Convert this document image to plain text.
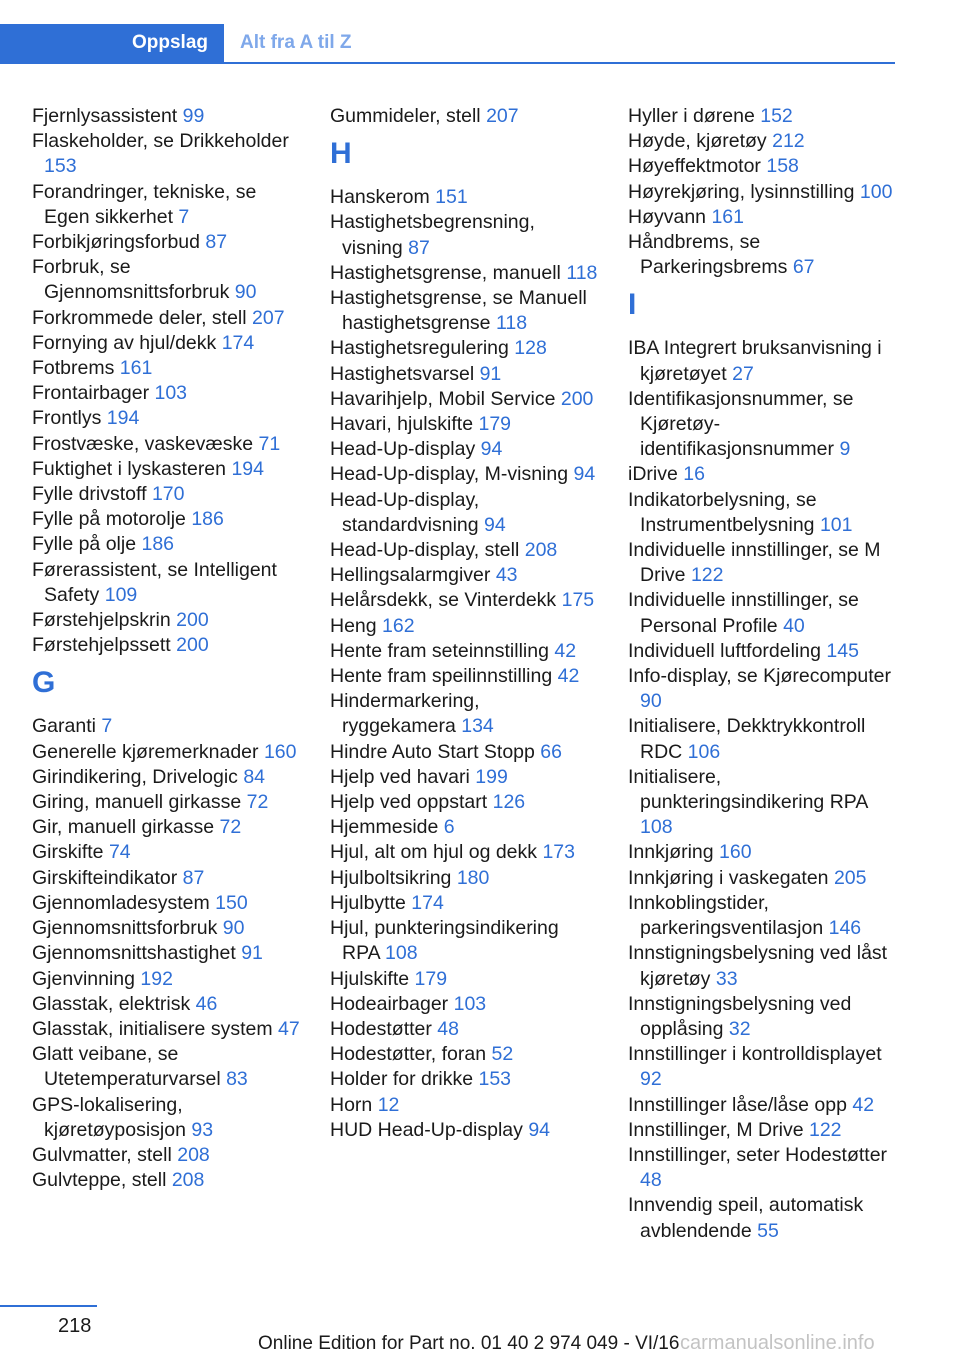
Oppslag	Alt fra A til Z
Fjernlysassistent 99
Flaskeholder, se Drikkeholder 153
Forandringer, tekniske, se Egen sikkerhet 7
Forbikjøringsforbud 87
Forbruk, se Gjennomsnittsforbruk 90
Forkrommede deler, stell 207
Fornying av hjul/dekk 174
Fotbrems 161
Frontairbager 103
Frontlys 194
Frostvæske, vaskevæske 71
Fuktighet i lyskasteren 194
Fylle drivstoff 170
Fylle på motorolje 186
Fylle på olje 186
Førerassistent, se Intelligent Safety 109
Førstehjelpskrin 200
Førstehjelpssett 200
G
Garanti 7
Generelle kjøremerknader 160
Girindikering, Drivelogic 84
Giring, manuell girkasse 72
Gir, manuell girkasse 72
Girskifte 74
Girskifteindikator 87
Gjennomladesystem 150
Gjennomsnittsforbruk 90
Gjennomsnittshastighet 91
Gjenvinning 192
Glasstak, elektrisk 46
Glasstak, initialisere system 47
Glatt veibane, se Utetemperaturvarsel 83
GPS-lokalisering, kjøretøyposisjon 93
Gulvmatter, stell 208
Gulvteppe, stell 208
Gummideler, stell 207
H
Hanskerom 151
Hastighetsbegrensning, visning 87
Hastighetsgrense, manuell 118
Hastighetsgrense, se Manuell hastighetsgrense 118
Hastighetsregulering 128
Hastighetsvarsel 91
Havarihjelp, Mobil Service 200
Havari, hjulskifte 179
Head-Up-display 94
Head-Up-display, M-visning 94
Head-Up-display, standardvisning 94
Head-Up-display, stell 208
Hellingsalarmgiver 43
Helårsdekk, se Vinterdekk 175
Heng 162
Hente fram seteinnstilling 42
Hente fram speilinnstilling 42
Hindermarkering, ryggekamera 134
Hindre Auto Start Stopp 66
Hjelp ved havari 199
Hjelp ved oppstart 126
Hjemmeside 6
Hjul, alt om hjul og dekk 173
Hjulboltsikring 180
Hjulbytte 174
Hjul, punkteringsindikering RPA 108
Hjulskifte 179
Hodeairbager 103
Hodestøtter 48
Hodestøtter, foran 52
Holder for drikke 153
Horn 12
HUD Head-Up-display 94
Hyller i dørene 152
Høyde, kjøretøy 212
Høyeffektmotor 158
Høyrekjøring, lysinnstilling 100
Høyvann 161
Håndbrems, se Parkeringsbrems 67
I
IBA Integrert bruksanvisning i kjøretøyet 27
Identifikasjonsnummer, se Kjøretøy-identifikasjonsnummer 9
iDrive 16
Indikatorbelysning, se Instrumentbelysning 101
Individuelle innstillinger, se M Drive 122
Individuelle innstillinger, se Personal Profile 40
Individuell luftfordeling 145
Info-display, se Kjørecomputer 90
Initialisere, Dekktrykkontroll RDC 106
Initialisere, punkteringsindikering RPA 108
Innkjøring 160
Innkjøring i vaskegaten 205
Innkoblingstider, parkeringsventilasjon 146
Innstigningsbelysning ved låst kjøretøy 33
Innstigningsbelysning ved opplåsing 32
Innstillinger i kontrolldisplayet 92
Innstillinger låse/låse opp 42
Innstillinger, M Drive 122
Innstillinger, seter Hodestøtter 48
Innvendig speil, automatisk avblendende 55
218
Online Edition for Part no. 01 40 2 974 049 - VI/16 carmanualsonline.info
